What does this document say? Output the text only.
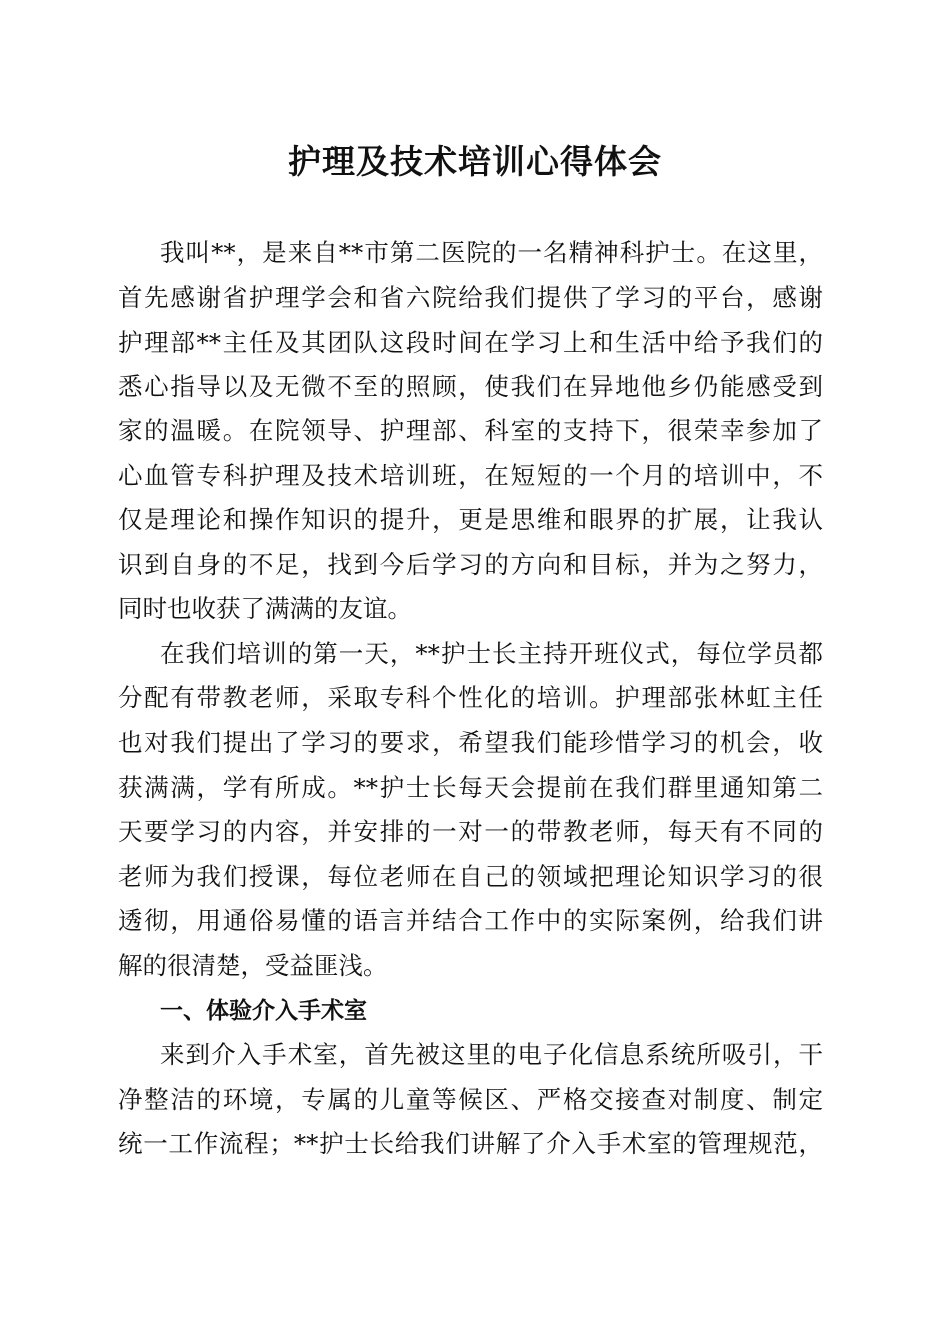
护理及技术培训心得体会
我叫**，是来自**市第二医院的一名精神科护士。在这里，
首先感谢省护理学会和省六院给我们提供了学习的平台，感谢
护理部**主任及其团队这段时间在学习上和生活中给予我们的
悉心指导以及无微不至的照顾，使我们在异地他乡仍能感受到
家的温暖。在院领导、护理部、科室的支持下，很荣幸参加了
心血管专科护理及技术培训班，在短短的一个月的培训中，不
仅是理论和操作知识的提升，更是思维和眼界的扩展，让我认
识到自身的不足，找到今后学习的方向和目标，并为之努力，
同时也收获了满满的友谊。
在我们培训的第一天，**护士长主持开班仪式，每位学员都
分配有带教老师，采取专科个性化的培训。护理部张林虹主任
也对我们提出了学习的要求，希望我们能珍惜学习的机会，收
获满满，学有所成。**护士长每天会提前在我们群里通知第二
天要学习的内容，并安排的一对一的带教老师，每天有不同的
老师为我们授课，每位老师在自己的领域把理论知识学习的很
透彻，用通俗易懂的语言并结合工作中的实际案例，给我们讲
解的很清楚，受益匪浅。
一、体验介入手术室
来到介入手术室，首先被这里的电子化信息系统所吸引，干
净整洁的环境，专属的儿童等候区、严格交接查对制度、制定
统一工作流程；**护士长给我们讲解了介入手术室的管理规范，
